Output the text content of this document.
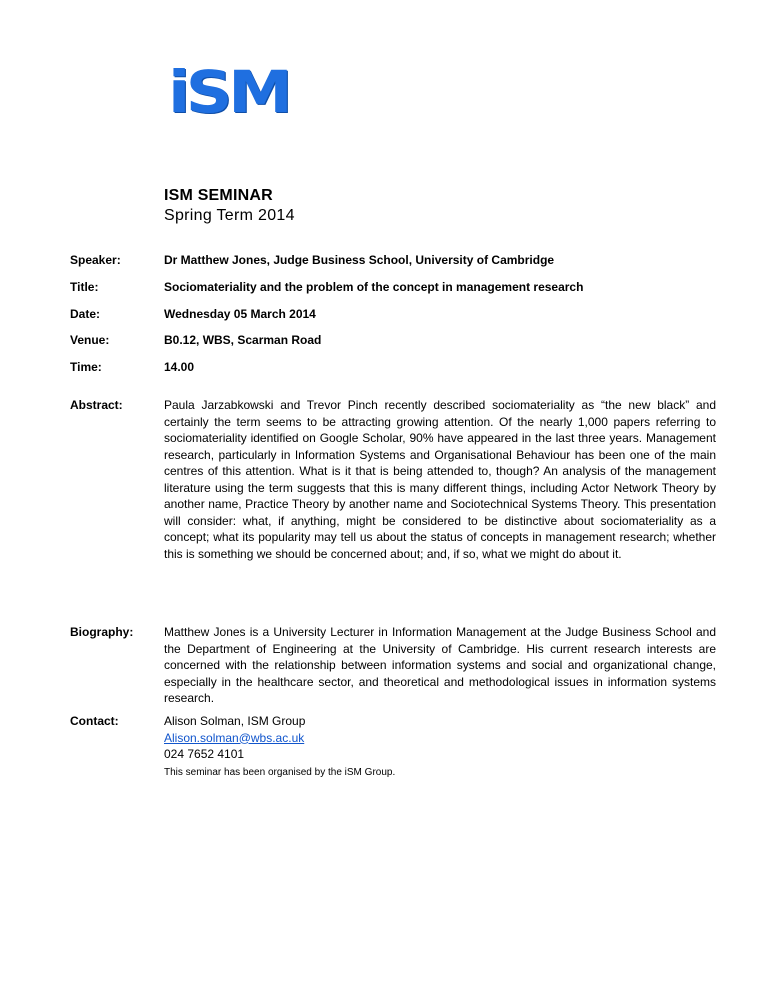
iSM
ISM SEMINAR
Spring Term 2014
Speaker:	Dr Matthew Jones, Judge Business School, University of Cambridge
Title:	Sociomateriality and the problem of the concept in management research
Date:	Wednesday 05 March 2014
Venue:	B0.12, WBS, Scarman Road
Time:	14.00
Abstract:	Paula Jarzabkowski and Trevor Pinch recently described sociomateriality as “the new black” and certainly the term seems to be attracting growing attention. Of the nearly 1,000 papers referring to sociomateriality identified on Google Scholar, 90% have appeared in the last three years. Management research, particularly in Information Systems and Organisational Behaviour has been one of the main centres of this attention. What is it that is being attended to, though? An analysis of the management literature using the term suggests that this is many different things, including Actor Network Theory by another name, Practice Theory by another name and Sociotechnical Systems Theory. This presentation will consider: what, if anything, might be considered to be distinctive about sociomateriality as a concept; what its popularity may tell us about the status of concepts in management research; whether this is something we should be concerned about; and, if so, what we might do about it.
Biography:	Matthew Jones is a University Lecturer in Information Management at the Judge Business School and the Department of Engineering at the University of Cambridge. His current research interests are concerned with the relationship between information systems and social and organizational change, especially in the healthcare sector, and theoretical and methodological issues in information systems research.
Contact:	Alison Solman, ISM Group
Alison.solman@wbs.ac.uk
024 7652 4101
This seminar has been organised by the iSM Group.
